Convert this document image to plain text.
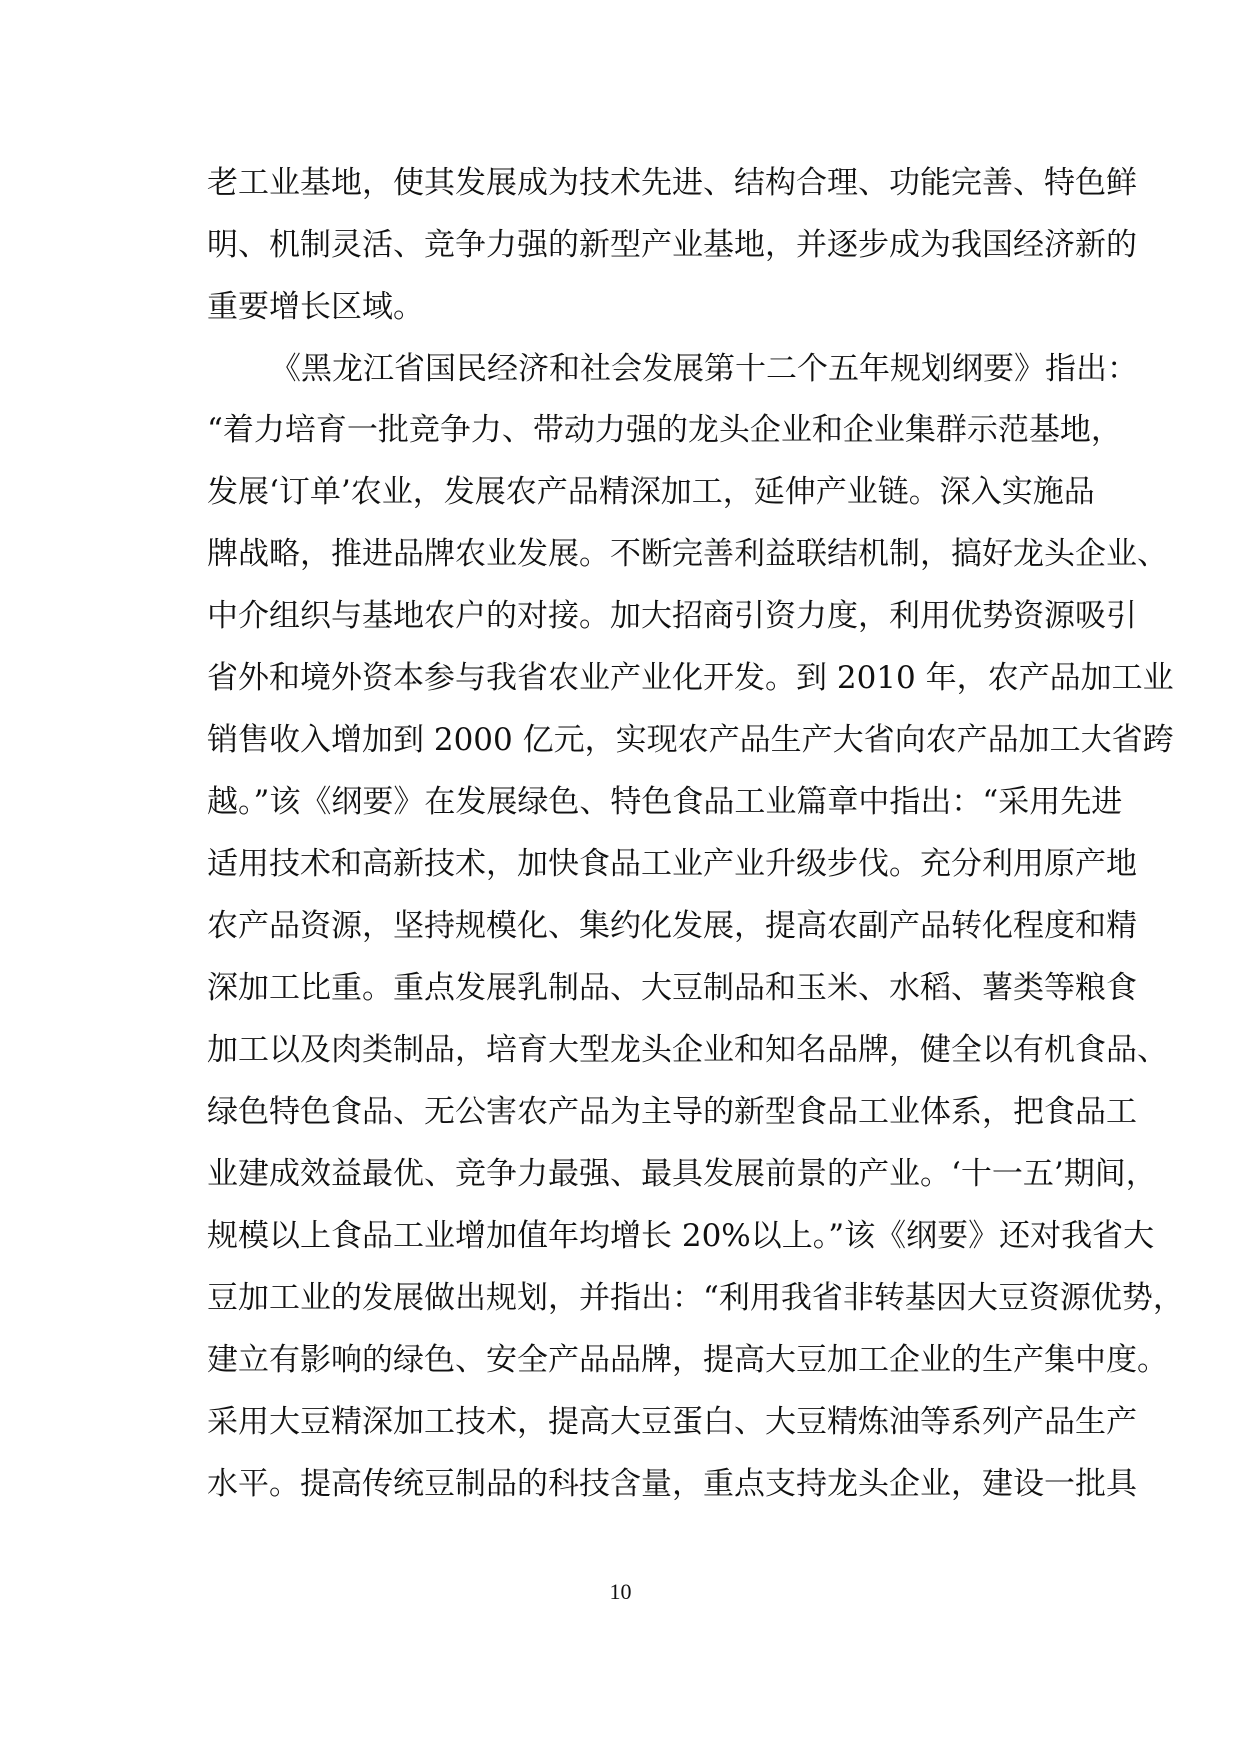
老工业基地，使其发展成为技术先进、结构合理、功能完善、特色鲜
明、机制灵活、竞争力强的新型产业基地，并逐步成为我国经济新的
重要增长区域。
《黑龙江省国民经济和社会发展第十二个五年规划纲要》指出：
“着力培育一批竞争力、带动力强的龙头企业和企业集群示范基地，
发展‘订单’农业，发展农产品精深加工，延伸产业链。深入实施品
牌战略，推进品牌农业发展。不断完善利益联结机制，搞好龙头企业、
中介组织与基地农户的对接。加大招商引资力度，利用优势资源吸引
省外和境外资本参与我省农业产业化开发。到 2010 年，农产品加工业
销售收入增加到 2000 亿元，实现农产品生产大省向农产品加工大省跨
越。”该《纲要》在发展绿色、特色食品工业篇章中指出：“采用先进
适用技术和高新技术，加快食品工业产业升级步伐。充分利用原产地
农产品资源，坚持规模化、集约化发展，提高农副产品转化程度和精
深加工比重。重点发展乳制品、大豆制品和玉米、水稻、薯类等粮食
加工以及肉类制品，培育大型龙头企业和知名品牌，健全以有机食品、
绿色特色食品、无公害农产品为主导的新型食品工业体系，把食品工
业建成效益最优、竞争力最强、最具发展前景的产业。‘十一五’期间，
规模以上食品工业增加值年均增长 20%以上。”该《纲要》还对我省大
豆加工业的发展做出规划，并指出：“利用我省非转基因大豆资源优势，
建立有影响的绿色、安全产品品牌，提高大豆加工企业的生产集中度。
采用大豆精深加工技术，提高大豆蛋白、大豆精炼油等系列产品生产
水平。提高传统豆制品的科技含量，重点支持龙头企业，建设一批具
10
